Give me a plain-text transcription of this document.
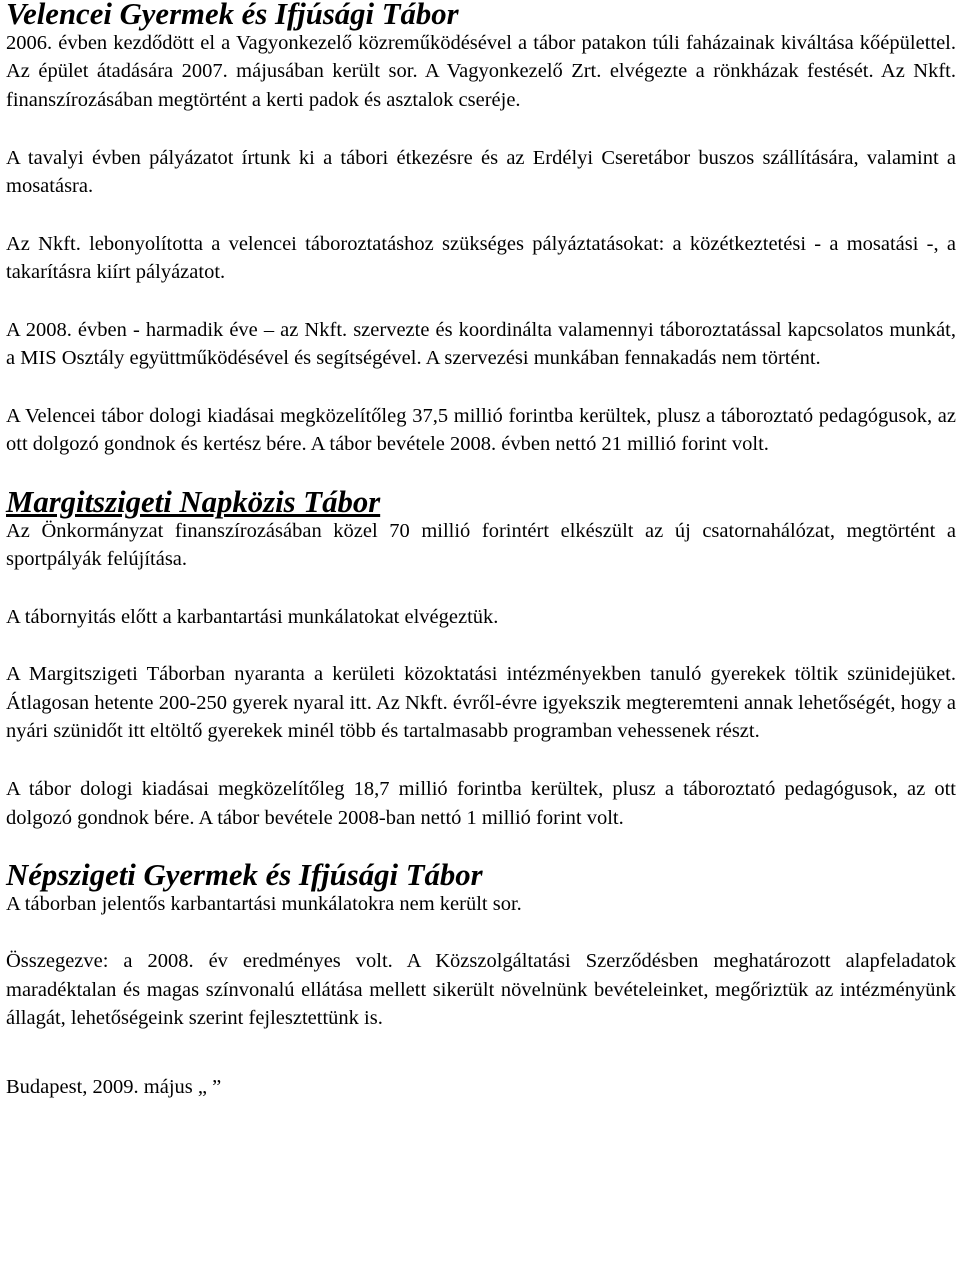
Velencei Gyermek és Ifjúsági Tábor

2006. évben kezdődött el a Vagyonkezelő közreműködésével a tábor patakon túli faházainak kiváltása kőépülettel. Az épület átadására 2007. májusában került sor. A Vagyonkezelő Zrt. elvégezte a rönkházak festését. Az Nkft. finanszírozásában megtörtént a kerti padok és asztalok cseréje.

A tavalyi évben pályázatot írtunk ki a tábori étkezésre és az Erdélyi Cseretábor buszos szállítására, valamint a mosatásra.

Az Nkft. lebonyolította a velencei táboroztatáshoz szükséges pályáztatásokat: a közétkeztetési - a mosatási -, a takarításra kiírt pályázatot.

A 2008. évben - harmadik éve – az Nkft. szervezte és koordinálta valamennyi táboroztatással kapcsolatos munkát, a MIS Osztály együttműködésével és segítségével. A szervezési munkában fennakadás nem történt.

A Velencei tábor dologi kiadásai megközelítőleg 37,5 millió forintba kerültek, plusz a táboroztató pedagógusok, az ott dolgozó gondnok és kertész bére. A tábor bevétele 2008. évben nettó 21 millió forint volt.

Margitszigeti Napközis Tábor

Az Önkormányzat finanszírozásában közel 70 millió forintért elkészült az új csatornahálózat, megtörtént a sportpályák felújítása.

A tábornyitás előtt a karbantartási munkálatokat elvégeztük.

A Margitszigeti Táborban nyaranta a kerületi közoktatási intézményekben tanuló gyerekek töltik szünidejüket. Átlagosan hetente 200-250 gyerek nyaral itt. Az Nkft. évről-évre igyekszik megteremteni annak lehetőségét, hogy a nyári szünidőt itt eltöltő gyerekek minél több és tartalmasabb programban vehessenek részt.

A tábor dologi kiadásai megközelítőleg 18,7 millió forintba kerültek, plusz a táboroztató pedagógusok, az ott dolgozó gondnok bére. A tábor bevétele 2008-ban nettó 1 millió forint volt.

Népszigeti Gyermek és Ifjúsági Tábor

A táborban jelentős karbantartási munkálatokra nem került sor.

Összegezve: a 2008. év eredményes volt. A Közszolgáltatási Szerződésben meghatározott alapfeladatok maradéktalan és magas színvonalú ellátása mellett sikerült növelnünk bevételeinket, megőriztük az intézményünk állagát, lehetőségeink szerint fejlesztettünk is.

Budapest, 2009. május „ ”
